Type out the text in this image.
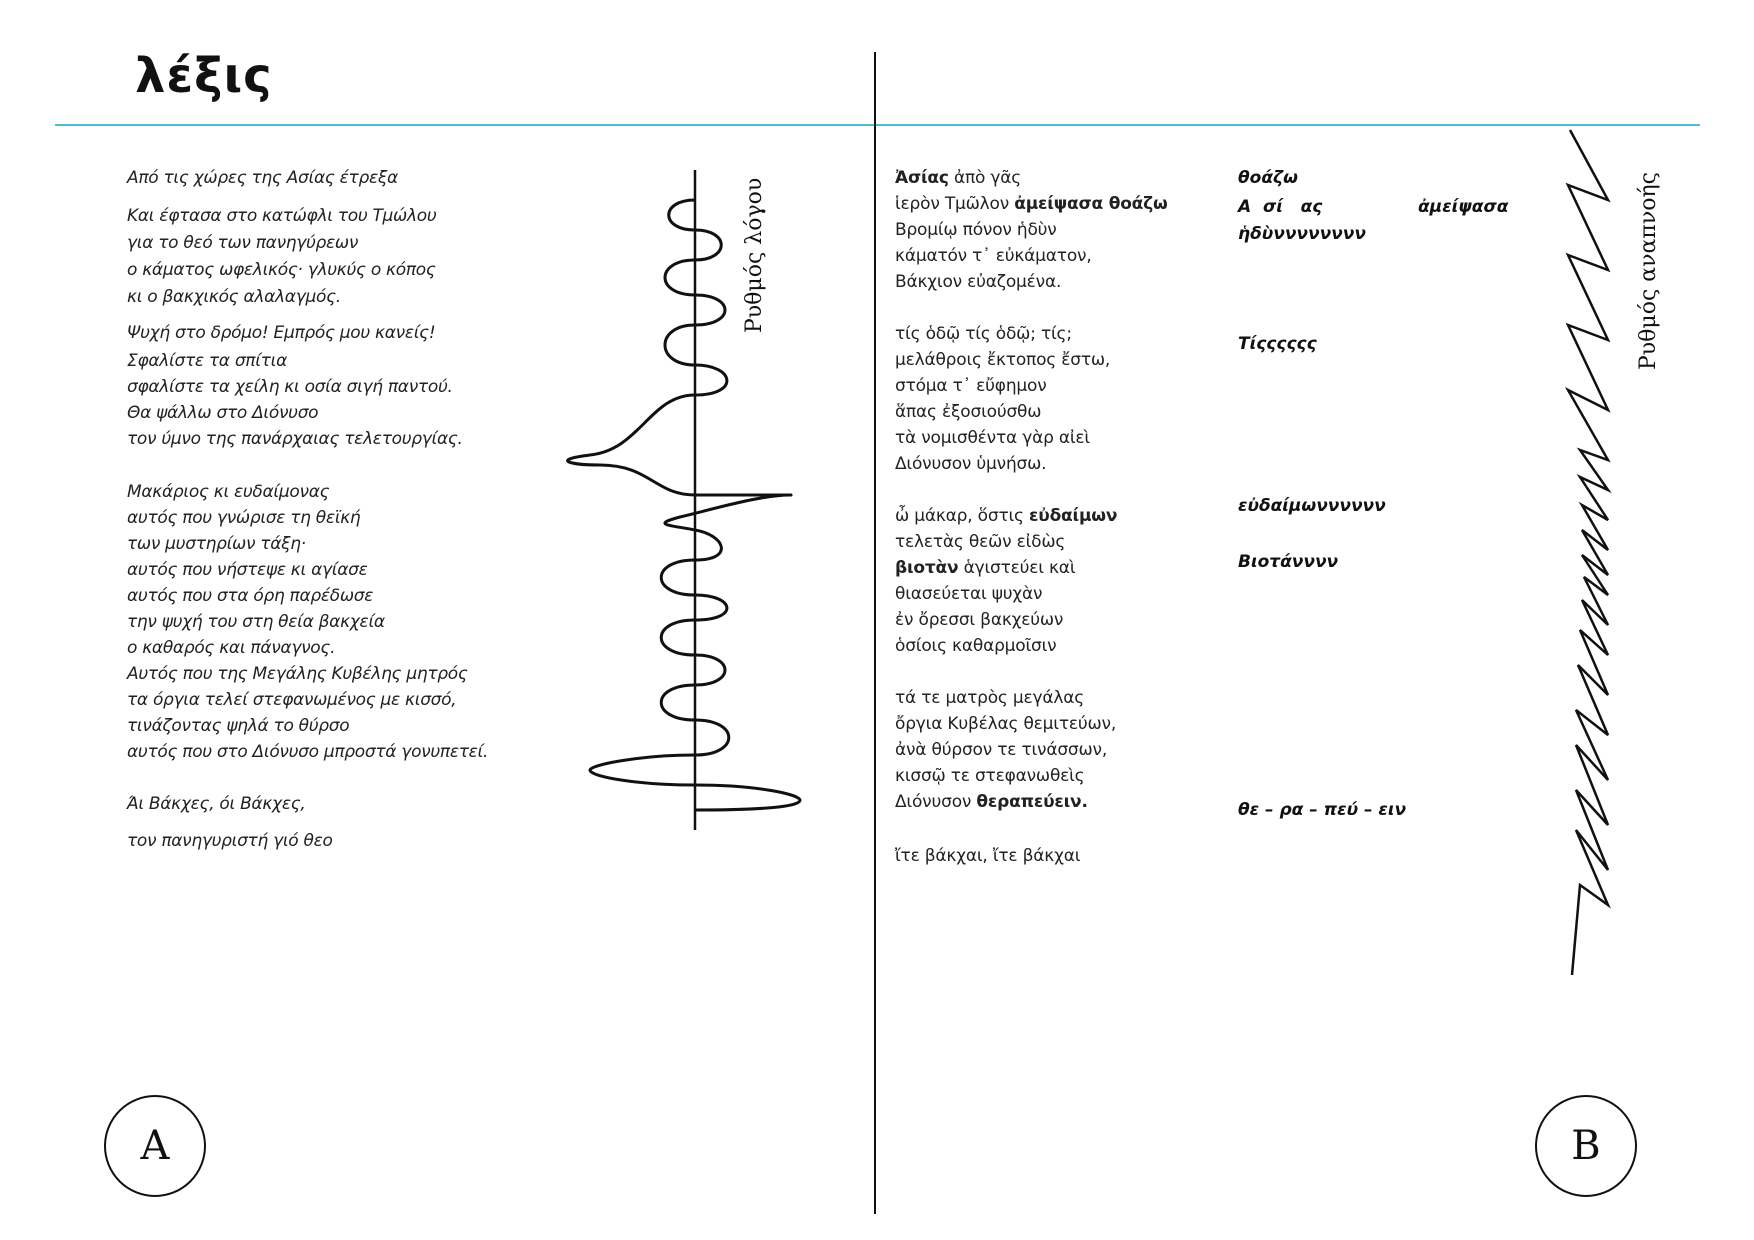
λέξις
Από τις χώρες της Ασίας έτρεξα
Και έφτασα στο κατώφλι του Τμώλου
για το θεό των πανηγύρεων
ο κάματος ωφελικός· γλυκύς ο κόπος
κι ο βακχικός αλαλαγμός.
Ψυχή στο δρόμο! Εμπρός μου κανείς!
Σφαλίστε τα σπίτια
σφαλίστε τα χείλη κι οσία σιγή παντού.
Θα ψάλλω στο Διόνυσο
τον ύμνο της πανάρχαιας τελετουργίας.
Μακάριος κι ευδαίμονας
αυτός που γνώρισε τη θεϊκή
των μυστηρίων τάξη·
αυτός που νήστεψε κι αγίασε
αυτός που στα όρη παρέδωσε
την ψυχή του στη θεία βακχεία
ο καθαρός και πάναγνος.
Αυτός που της Μεγάλης Κυβέλης μητρός
τα όργια τελεί στεφανωμένος με κισσό,
τινάζοντας ψηλά το θύρσο
αυτός που στο Διόνυσο μπροστά γονυπετεί.
Άι Βάκχες, όι Βάκχες,
τον πανηγυριστή γιό θεο
Ρυθμός λόγου
A
Ἀσίας ἀπὸ γᾶς
ἱερὸν Τμῶλον ἀμείψασα θοάζω
Βρομίῳ πόνον ἡδὺν
κάματόν τ᾽ εὐκάματον,
Βάκχιον εὐαζομένα.
τίς ὁδῷ τίς ὁδῷ; τίς;
μελάθροις ἔκτοπος ἔστω,
στόμα τ᾽ εὔφημον
ἅπας ἐξοσιούσθω
τὰ νομισθέντα γὰρ αἰεὶ
Διόνυσον ὑμνήσω.
ὦ μάκαρ, ὅστις εὐδαίμων
τελετὰς θεῶν εἰδὼς
βιοτὰν ἁγιστεύει καὶ
θιασεύεται ψυχὰν
ἐν ὄρεσσι βακχεύων
ὁσίοις καθαρμοῖσιν
τά τε ματρὸς μεγάλας
ὄργια Κυβέλας θεμιτεύων,
ἀνὰ θύρσον τε τινάσσων,
κισσῷ τε στεφανωθεὶς
Διόνυσον θεραπεύειν.
ἴτε βάκχαι, ἴτε βάκχαι
θοάζω
Α  σί   ας	ἀμείψασα
ἡδὺνννννννν
Τίςςςςςς
εὐδαίμωνννννν
Βιοτάνννν
θε – ρα – πεύ – ειν
Ρυθμός αναπνοής
B
